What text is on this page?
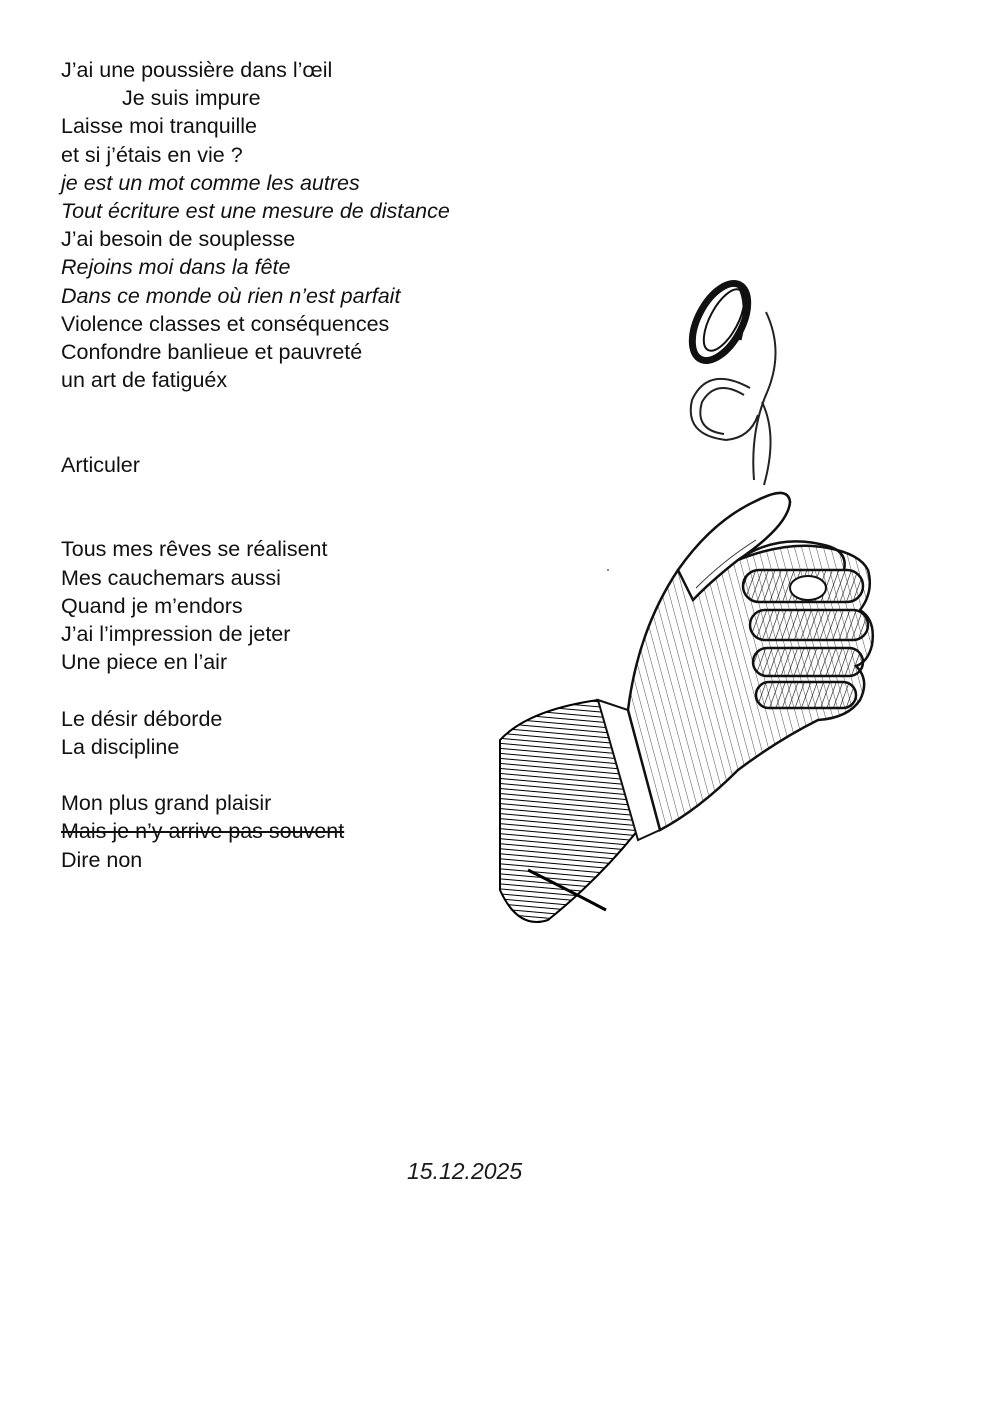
J’ai une poussière dans l’œil
Je suis impure
Laisse moi tranquille
et si j’étais en vie ?
je est un mot comme les autres
Tout écriture est une mesure de distance
J’ai besoin de souplesse
Rejoins moi dans la fête
Dans ce monde où rien n’est parfait
Violence classes et conséquences
Confondre banlieue et pauvreté
un art de fatiguéx
Articuler
Tous mes rêves se réalisent
Mes cauchemars aussi
Quand je m’endors
J’ai l’impression de jeter
Une piece en l’air
Le désir déborde
La discipline
Mon plus grand plaisir
Mais je n’y arrive pas souvent
Dire non
15.12.2025
